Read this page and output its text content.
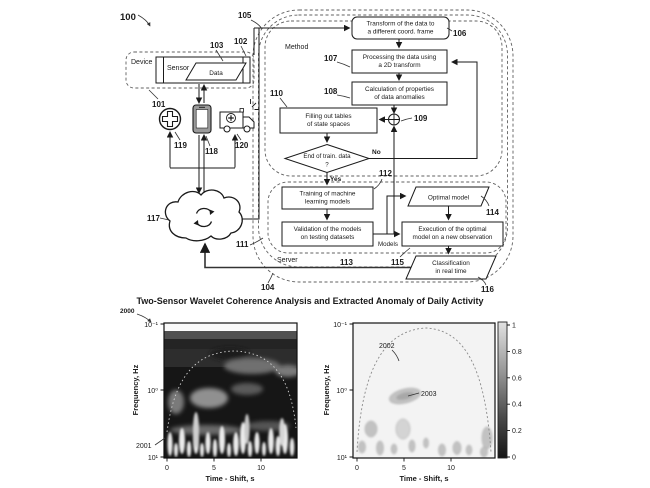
Device
Sensor
Data
Method
Server
Transform of the data to
a different coord. frame
Processing the data using
a 2D transform
Calculation of properties
of data anomalies
Filling out tables
of state spaces
End of train. data
?
No
Yes
Training of machine
learning models
Validation of the models
on testing datasets
Models
Optimal model
Execution of the optimal
model on a new observation
Classification
in real time
100	105
103 102
101
110
106
107
108
109
112
113	115
114
116
111
104
117
119
118
120
Two-Sensor Wavelet Coherence Analysis and Extracted Anomaly of Daily Activity
10⁻¹
10⁰
10¹
0	5	10
Frequency, Hz
Time - Shift, s
2000
2001
10⁻¹
10⁰
10¹
0	5	10
Frequency, Hz
Time - Shift, s
2002
2003
1
0.8
0.6
0.4
0.2
0
